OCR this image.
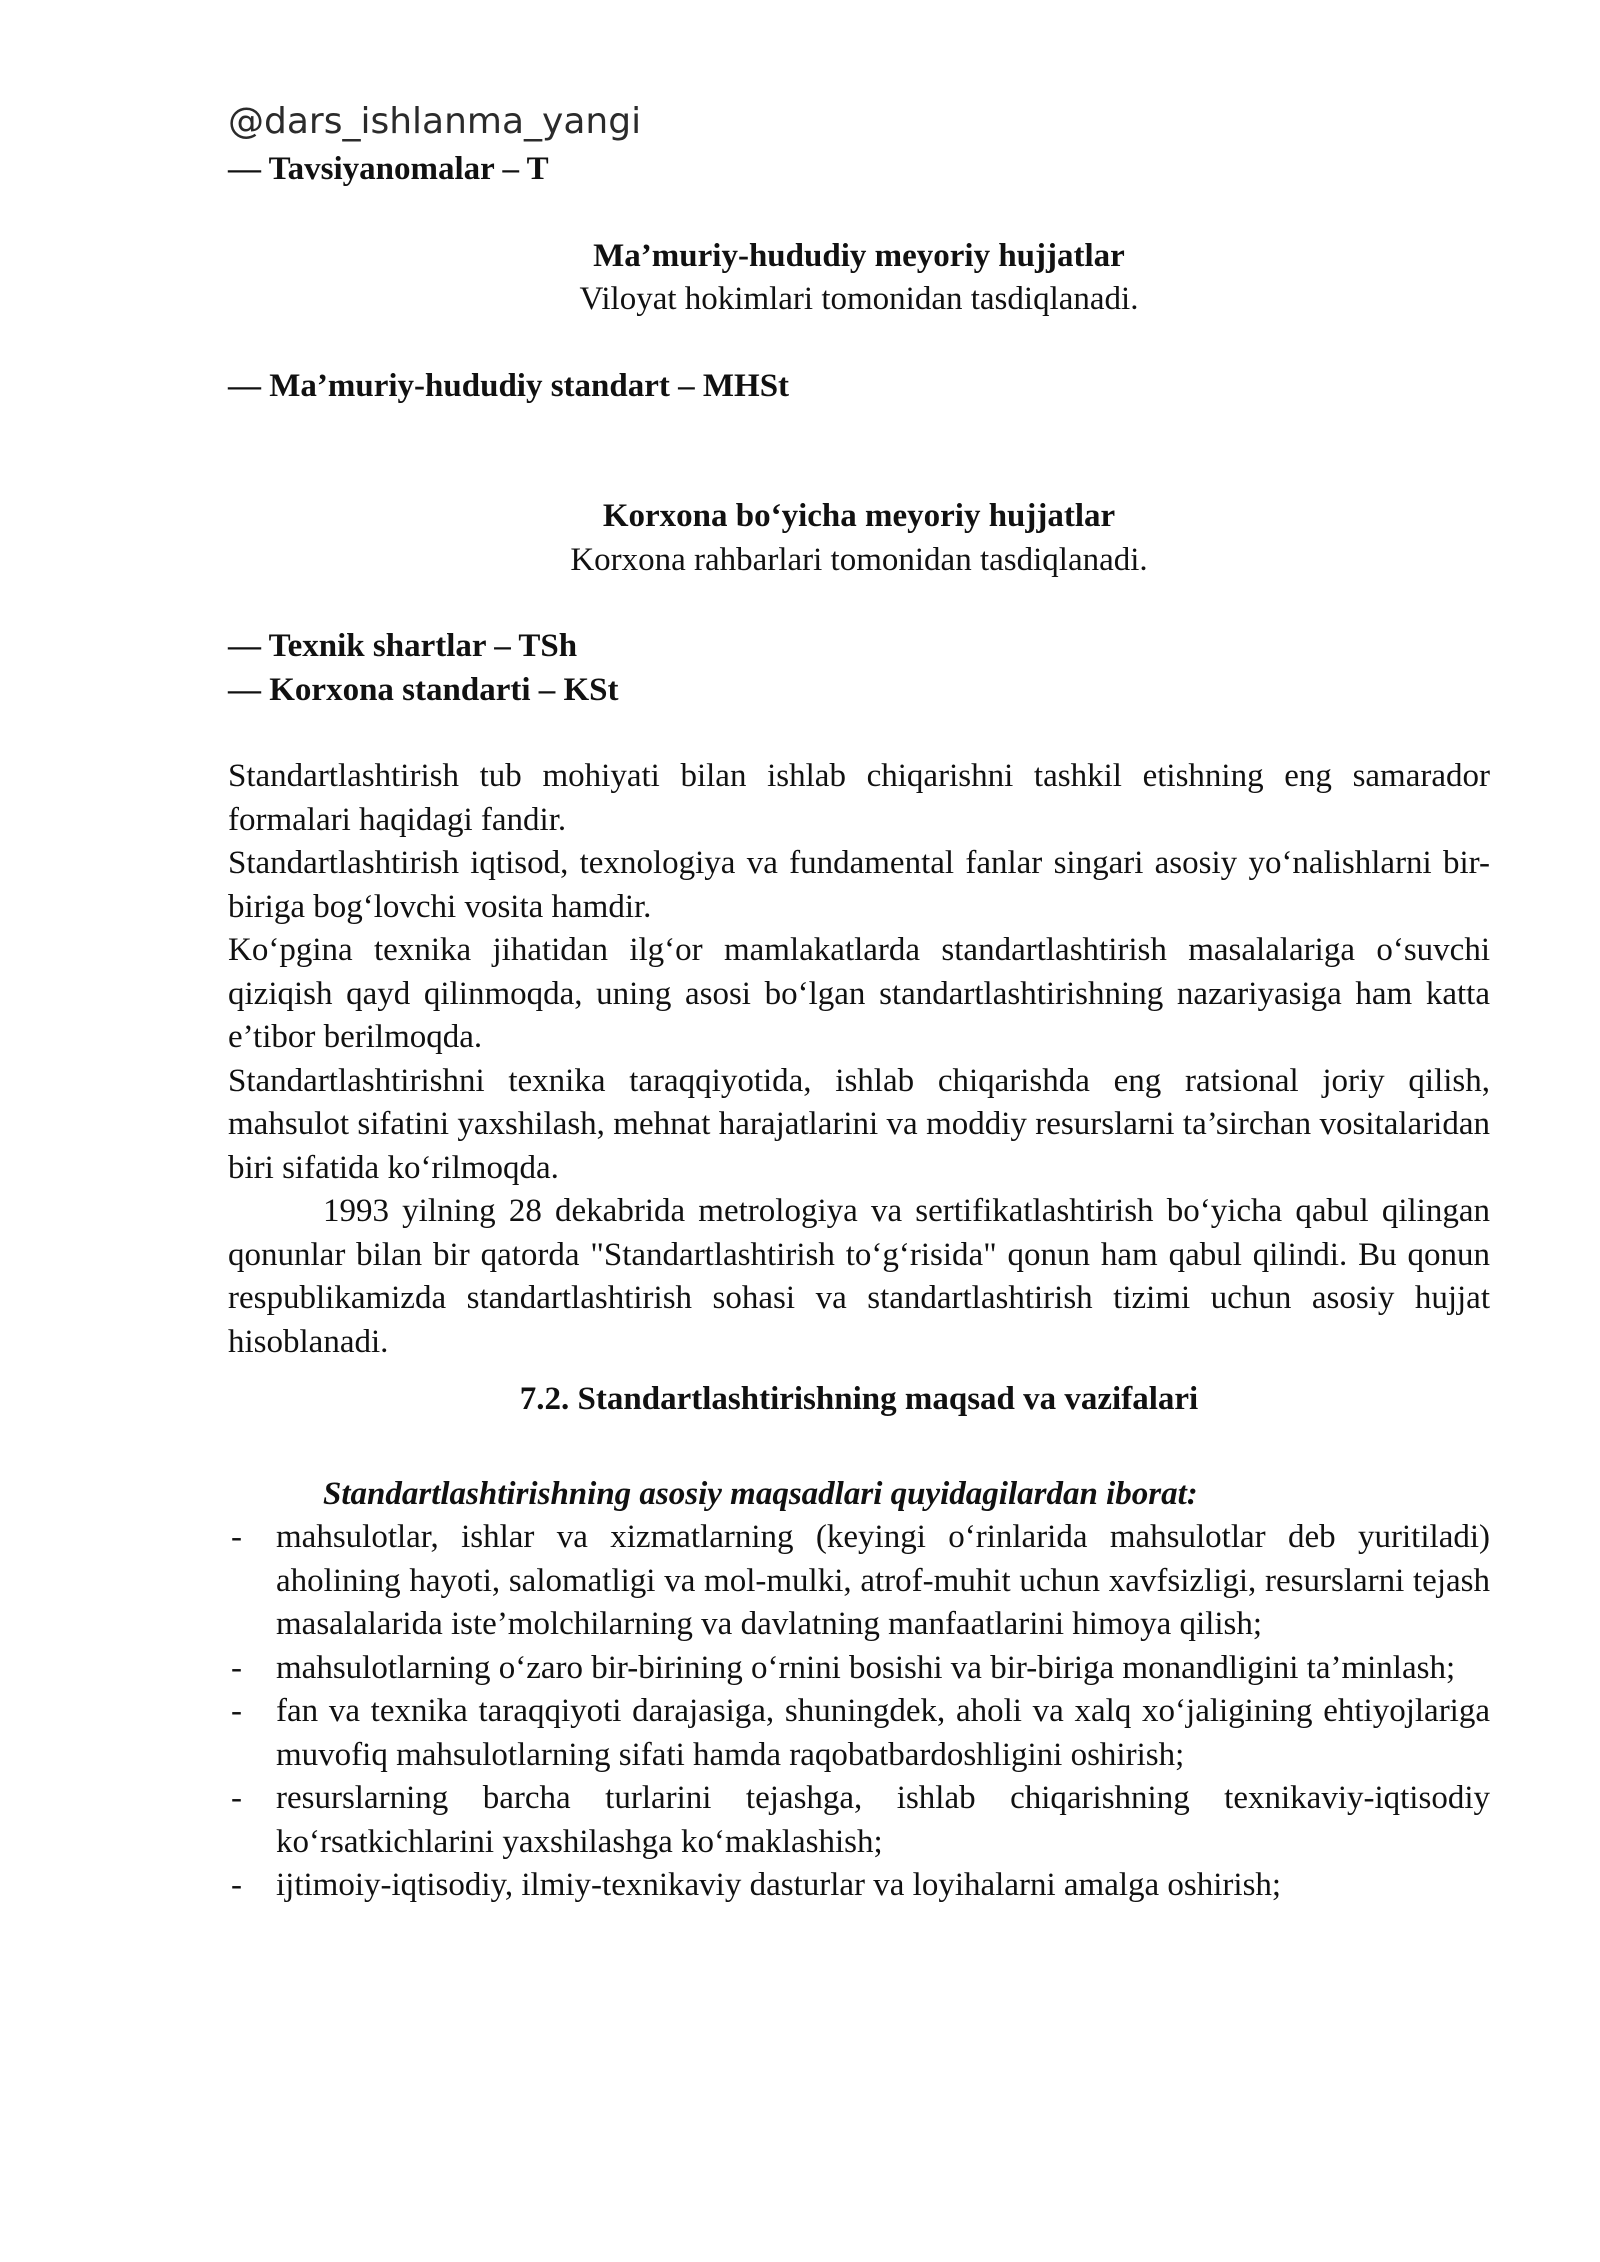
@dars_ishlanma_yangi

— Tavsiyanomalar – T

Ma’muriy-hududiy meyoriy hujjatlar

Viloyat hokimlari tomonidan tasdiqlanadi.

— Ma’muriy-hududiy standart – MHSt

Korxona bo‘yicha meyoriy hujjatlar

Korxona rahbarlari tomonidan tasdiqlanadi.

— Texnik shartlar – TSh

— Korxona standarti – KSt

Standartlashtirish tub mohiyati bilan ishlab chiqarishni tashkil etishning eng samarador formalari haqidagi fandir.

Standartlashtirish iqtisod, texnologiya va fundamental fanlar singari asosiy yo‘nalishlarni bir-biriga bog‘lovchi vosita hamdir.

Ko‘pgina texnika jihatidan ilg‘or mamlakatlarda standartlashtirish masalalariga o‘suvchi qiziqish qayd qilinmoqda, uning asosi bo‘lgan standartlashtirishning nazariyasiga ham katta e’tibor berilmoqda.

Standartlashtirishni texnika taraqqiyotida, ishlab chiqarishda eng ratsional joriy qilish, mahsulot sifatini yaxshilash, mehnat harajatlarini va moddiy resurslarni ta’sirchan vositalaridan biri sifatida ko‘rilmoqda.

1993 yilning 28 dekabrida metrologiya va sertifikatlashtirish bo‘yicha qabul qilingan qonunlar bilan bir qatorda "Standartlashtirish to‘g‘risida" qonun ham qabul qilindi. Bu qonun respublikamizda standartlashtirish sohasi va standartlashtirish tizimi uchun asosiy hujjat hisoblanadi.

7.2. Standartlashtirishning maqsad va vazifalari

Standartlashtirishning asosiy maqsadlari quyidagilardan iborat:

- mahsulotlar, ishlar va xizmatlarning (keyingi o‘rinlarida mahsulotlar deb yuritiladi) aholining hayoti, salomatligi va mol-mulki, atrof-muhit uchun xavfsizligi, resurslarni tejash masalalarida iste’molchilarning va davlatning manfaatlarini himoya qilish;
- mahsulotlarning o‘zaro bir-birining o‘rnini bosishi va bir-biriga monandligini ta’minlash;
- fan va texnika taraqqiyoti darajasiga, shuningdek, aholi va xalq xo‘jaligining ehtiyojlariga muvofiq mahsulotlarning sifati hamda raqobatbardoshligini oshirish;
- resurslarning barcha turlarini tejashga, ishlab chiqarishning texnikaviy-iqtisodiy ko‘rsatkichlarini yaxshilashga ko‘maklashish;
- ijtimoiy-iqtisodiy, ilmiy-texnikaviy dasturlar va loyihalarni amalga oshirish;
